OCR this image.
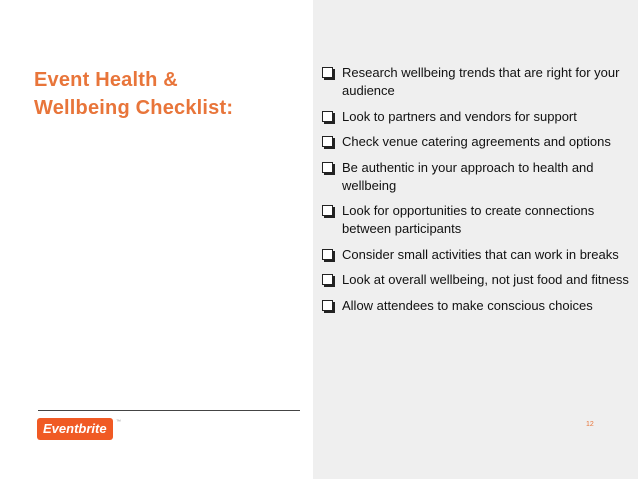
Event Health &
Wellbeing Checklist:
Research wellbeing trends that are right for your audience
Look to partners and vendors for support
Check venue catering agreements and options
Be authentic in your approach to health and wellbeing
Look for opportunities to create connections between participants
Consider small activities that can work in breaks
Look at overall wellbeing, not just food and fitness
Allow attendees to make conscious choices
Eventbrite	™	12
